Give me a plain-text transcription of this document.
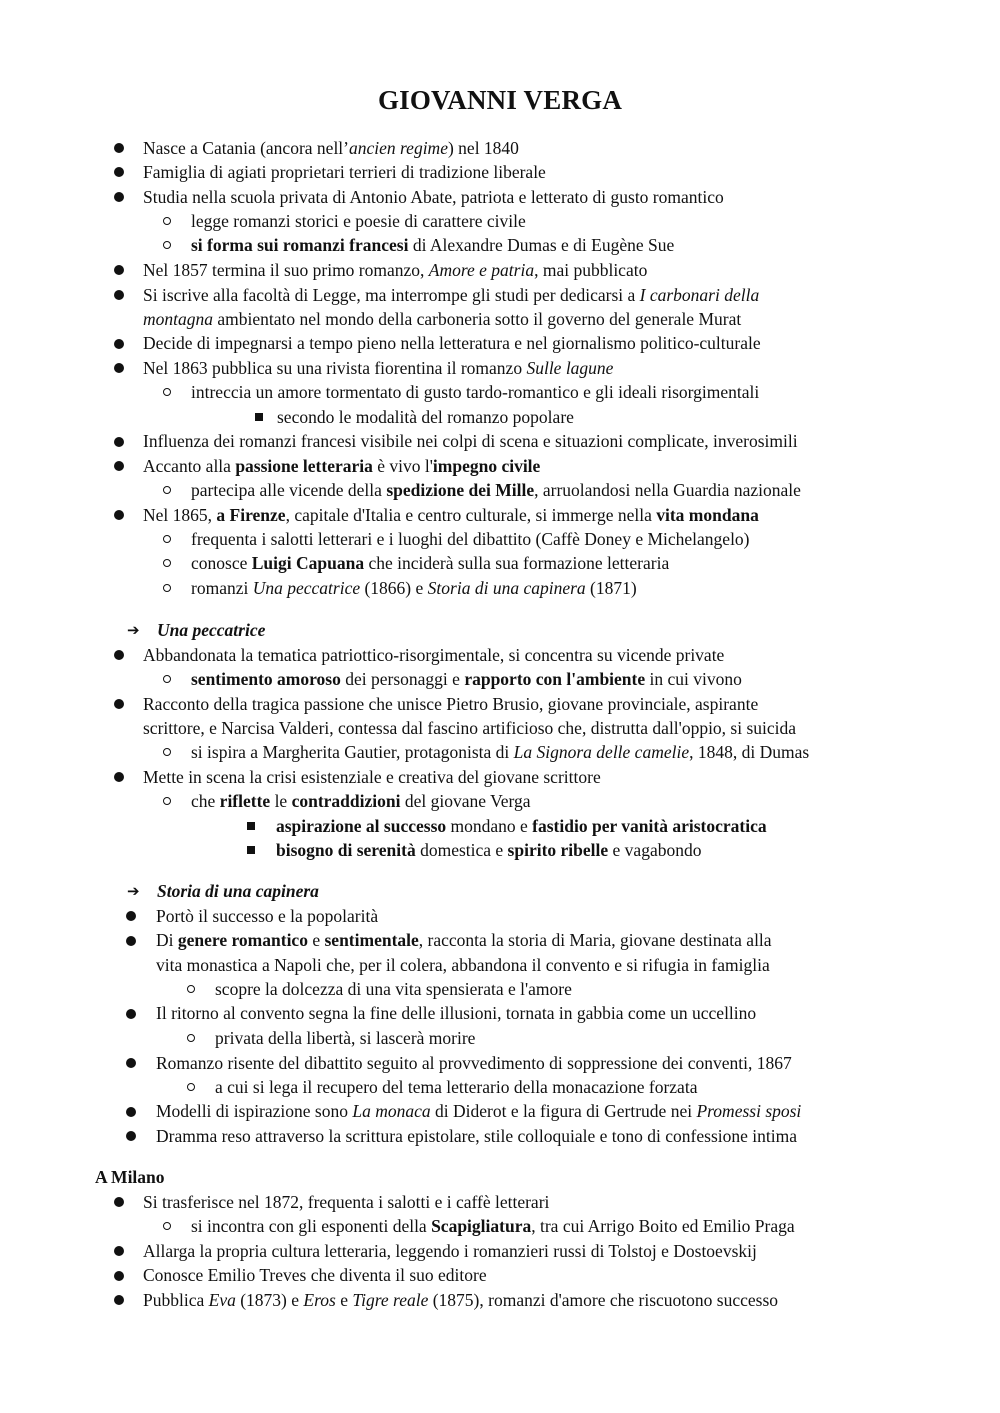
GIOVANNI VERGA
Nasce a Catania (ancora nell’ancien regime) nel 1840
Famiglia di agiati proprietari terrieri di tradizione liberale
Studia nella scuola privata di Antonio Abate, patriota e letterato di gusto romantico
legge romanzi storici e poesie di carattere civile
si forma sui romanzi francesi di Alexandre Dumas e di Eugène Sue
Nel 1857 termina il suo primo romanzo, Amore e patria, mai pubblicato
Si iscrive alla facoltà di Legge, ma interrompe gli studi per dedicarsi a I carbonari della
montagna ambientato nel mondo della carboneria sotto il governo del generale Murat
Decide di impegnarsi a tempo pieno nella letteratura e nel giornalismo politico-culturale
Nel 1863 pubblica su una rivista fiorentina il romanzo Sulle lagune
intreccia un amore tormentato di gusto tardo-romantico e gli ideali risorgimentali
secondo le modalità del romanzo popolare
Influenza dei romanzi francesi visibile nei colpi di scena e situazioni complicate, inverosimili
Accanto alla passione letteraria è vivo l'impegno civile
partecipa alle vicende della spedizione dei Mille, arruolandosi nella Guardia nazionale
Nel 1865, a Firenze, capitale d'Italia e centro culturale, si immerge nella vita mondana
frequenta i salotti letterari e i luoghi del dibattito (Caffè Doney e Michelangelo)
conosce Luigi Capuana che inciderà sulla sua formazione letteraria
romanzi Una peccatrice (1866) e Storia di una capinera (1871)
➔ Una peccatrice
Abbandonata la tematica patriottico-risorgimentale, si concentra su vicende private
sentimento amoroso dei personaggi e rapporto con l'ambiente in cui vivono
Racconto della tragica passione che unisce Pietro Brusio, giovane provinciale, aspirante
scrittore, e Narcisa Valderi, contessa dal fascino artificioso che, distrutta dall'oppio, si suicida
si ispira a Margherita Gautier, protagonista di La Signora delle camelie, 1848, di Dumas
Mette in scena la crisi esistenziale e creativa del giovane scrittore
che riflette le contraddizioni del giovane Verga
aspirazione al successo mondano e fastidio per vanità aristocratica
bisogno di serenità domestica e spirito ribelle e vagabondo
➔ Storia di una capinera
Portò il successo e la popolarità
Di genere romantico e sentimentale, racconta la storia di Maria, giovane destinata alla
vita monastica a Napoli che, per il colera, abbandona il convento e si rifugia in famiglia
scopre la dolcezza di una vita spensierata e l'amore
Il ritorno al convento segna la fine delle illusioni, tornata in gabbia come un uccellino
privata della libertà, si lascerà morire
Romanzo risente del dibattito seguito al provvedimento di soppressione dei conventi, 1867
a cui si lega il recupero del tema letterario della monacazione forzata
Modelli di ispirazione sono La monaca di Diderot e la figura di Gertrude nei Promessi sposi
Dramma reso attraverso la scrittura epistolare, stile colloquiale e tono di confessione intima
A Milano
Si trasferisce nel 1872, frequenta i salotti e i caffè letterari
si incontra con gli esponenti della Scapigliatura, tra cui Arrigo Boito ed Emilio Praga
Allarga la propria cultura letteraria, leggendo i romanzieri russi di Tolstoj e Dostoevskij
Conosce Emilio Treves che diventa il suo editore
Pubblica Eva (1873) e Eros e Tigre reale (1875), romanzi d'amore che riscuotono successo
